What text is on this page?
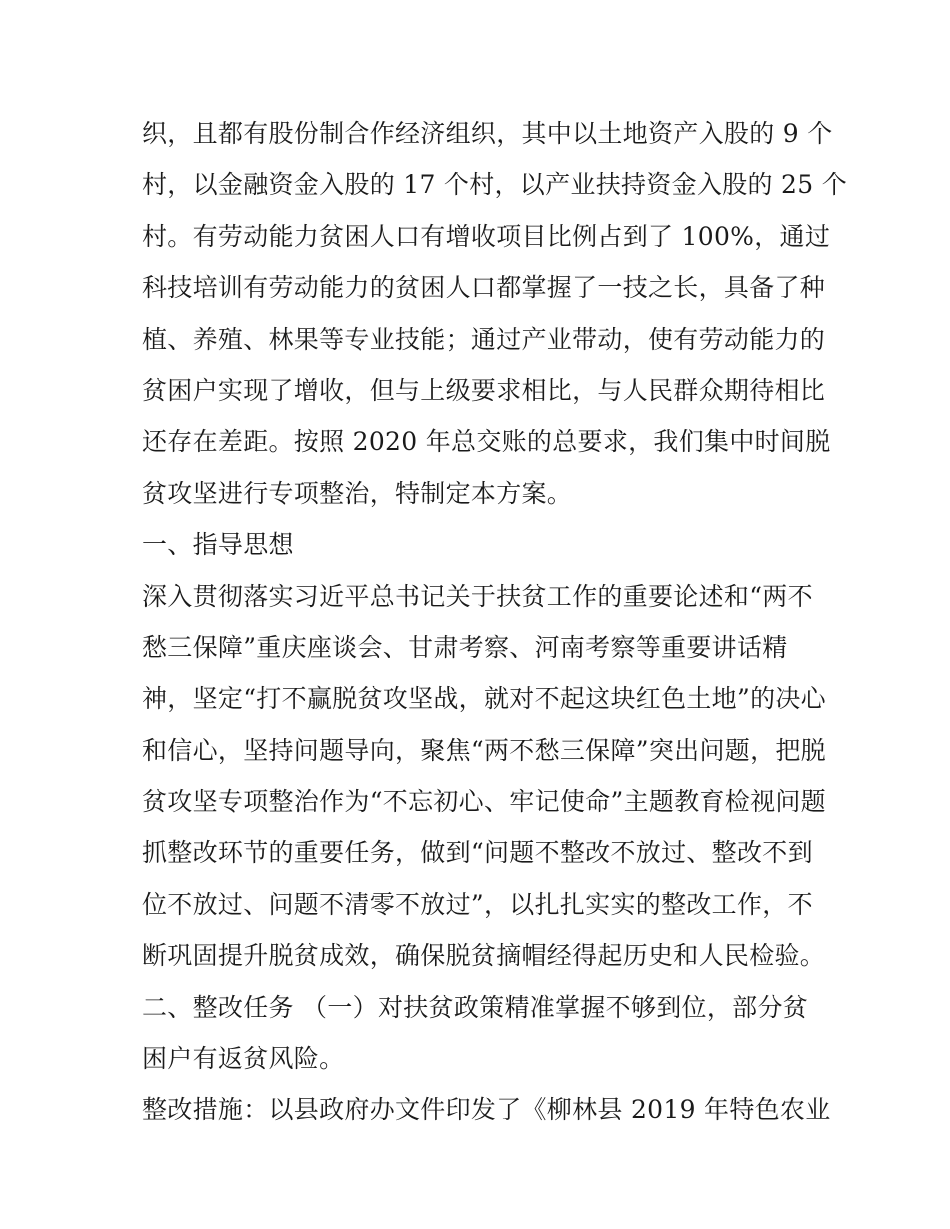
织，且都有股份制合作经济组织，其中以土地资产入股的 9 个
村，以金融资金入股的 17 个村，以产业扶持资金入股的 25 个
村。有劳动能力贫困人口有增收项目比例占到了 100%，通过
科技培训有劳动能力的贫困人口都掌握了一技之长，具备了种
植、养殖、林果等专业技能；通过产业带动，使有劳动能力的
贫困户实现了增收，但与上级要求相比，与人民群众期待相比
还存在差距。按照 2020 年总交账的总要求，我们集中时间脱
贫攻坚进行专项整治，特制定本方案。
一、指导思想
深入贯彻落实习近平总书记关于扶贫工作的重要论述和“两不
愁三保障”重庆座谈会、甘肃考察、河南考察等重要讲话精
神，坚定“打不赢脱贫攻坚战，就对不起这块红色土地”的决心
和信心，坚持问题导向，聚焦“两不愁三保障”突出问题，把脱
贫攻坚专项整治作为“不忘初心、牢记使命”主题教育检视问题
抓整改环节的重要任务，做到“问题不整改不放过、整改不到
位不放过、问题不清零不放过”，以扎扎实实的整改工作，不
断巩固提升脱贫成效，确保脱贫摘帽经得起历史和人民检验。
二、整改任务 （一）对扶贫政策精准掌握不够到位，部分贫
困户有返贫风险。
整改措施：以县政府办文件印发了《柳林县 2019 年特色农业
